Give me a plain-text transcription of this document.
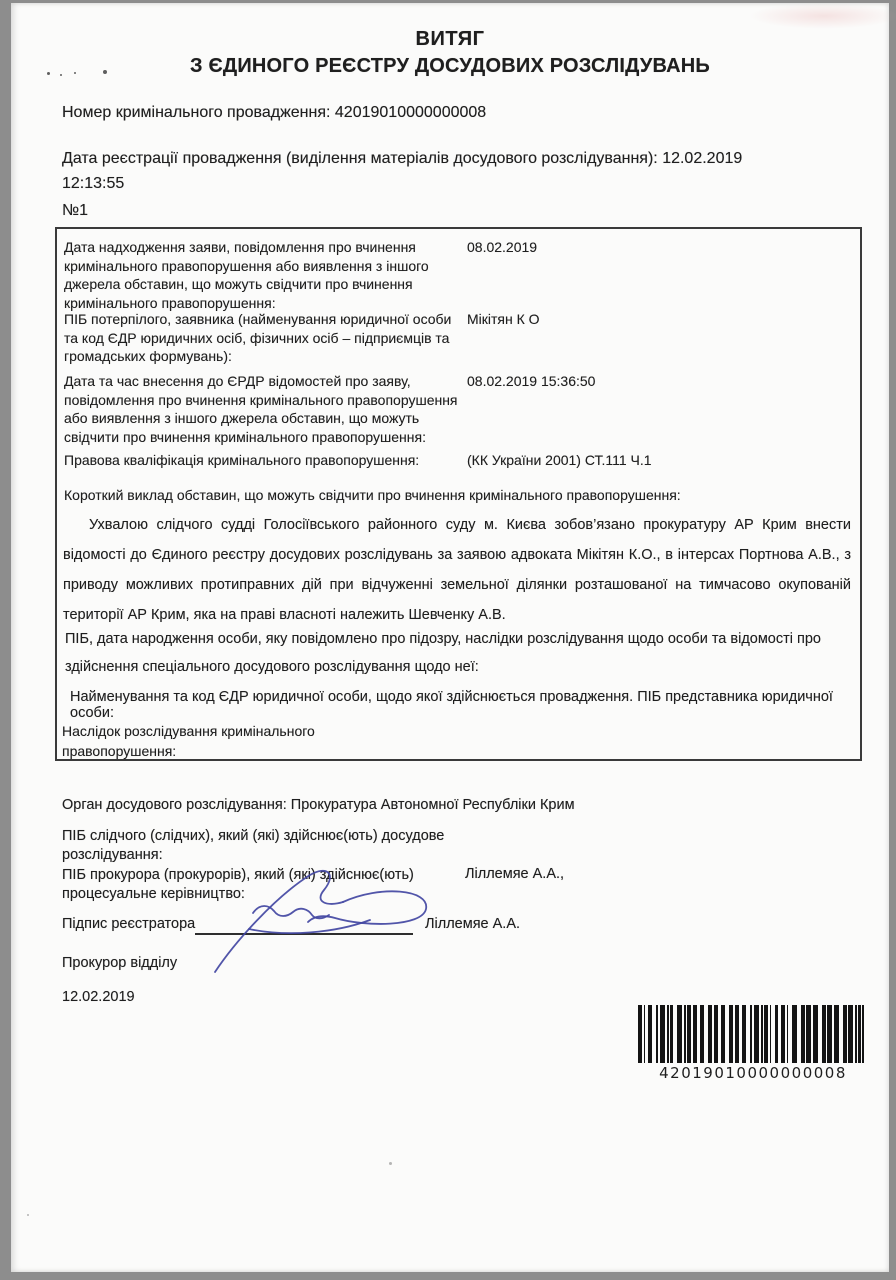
ВИТЯГ
З ЄДИНОГО РЕЄСТРУ ДОСУДОВИХ РОЗСЛІДУВАНЬ

Номер кримінального провадження: 42019010000000008

Дата реєстрації провадження (виділення матеріалів досудового розслідування): 12.02.2019
12:13:55

№1
Дата надходження заяви, повідомлення про вчинення кримінального правопорушення або виявлення з іншого джерела обставин, що можуть свідчити про вчинення кримінального правопорушення:
08.02.2019
ПІБ потерпілого, заявника (найменування юридичної особи та код ЄДР юридичних осіб, фізичних осіб – підприємців та громадських формувань):
Мікітян К О
Дата та час внесення до ЄРДР відомостей про заяву, повідомлення про вчинення кримінального правопорушення або виявлення з іншого джерела обставин, що можуть свідчити про вчинення кримінального правопорушення:
08.02.2019 15:36:50
Правова кваліфікація кримінального правопорушення:	(КК України 2001) СТ.111 Ч.1
Короткий виклад обставин, що можуть свідчити про вчинення кримінального правопорушення:

Ухвалою слідчого судді Голосіївського районного суду м. Києва зобов’язано прокуратуру АР Крим внести відомості до Єдиного реєстру досудових розслідувань за заявою адвоката Мікітян К.О., в інтерсах Портнова А.В., з приводу можливих протиправних дій при відчуженні земельної ділянки розташованої на тимчасово окупованій території АР Крим, яка на праві власноті належить Шевченку А.В.

ПІБ, дата народження особи, яку повідомлено про підозру, наслідки розслідування щодо особи та відомості про здійснення спеціального досудового розслідування щодо неї:
Найменування та код ЄДР юридичної особи, щодо якої здійснюється провадження. ПІБ представника юридичної особи:
Наслідок розслідування кримінального правопорушення:

Орган досудового розслідування: Прокуратура Автономної Республіки Крим

ПІБ слідчого (слідчих), який (які) здійснює(ють) досудове розслідування:
ПІБ прокурора (прокурорів), який (які) здійснює(ють) процесуальне керівництво:
Ліллемяе А.А.,
Підпис реєстратора	Ліллемяе А.А.
Прокурор відділу
12.02.2019
42019010000000008
